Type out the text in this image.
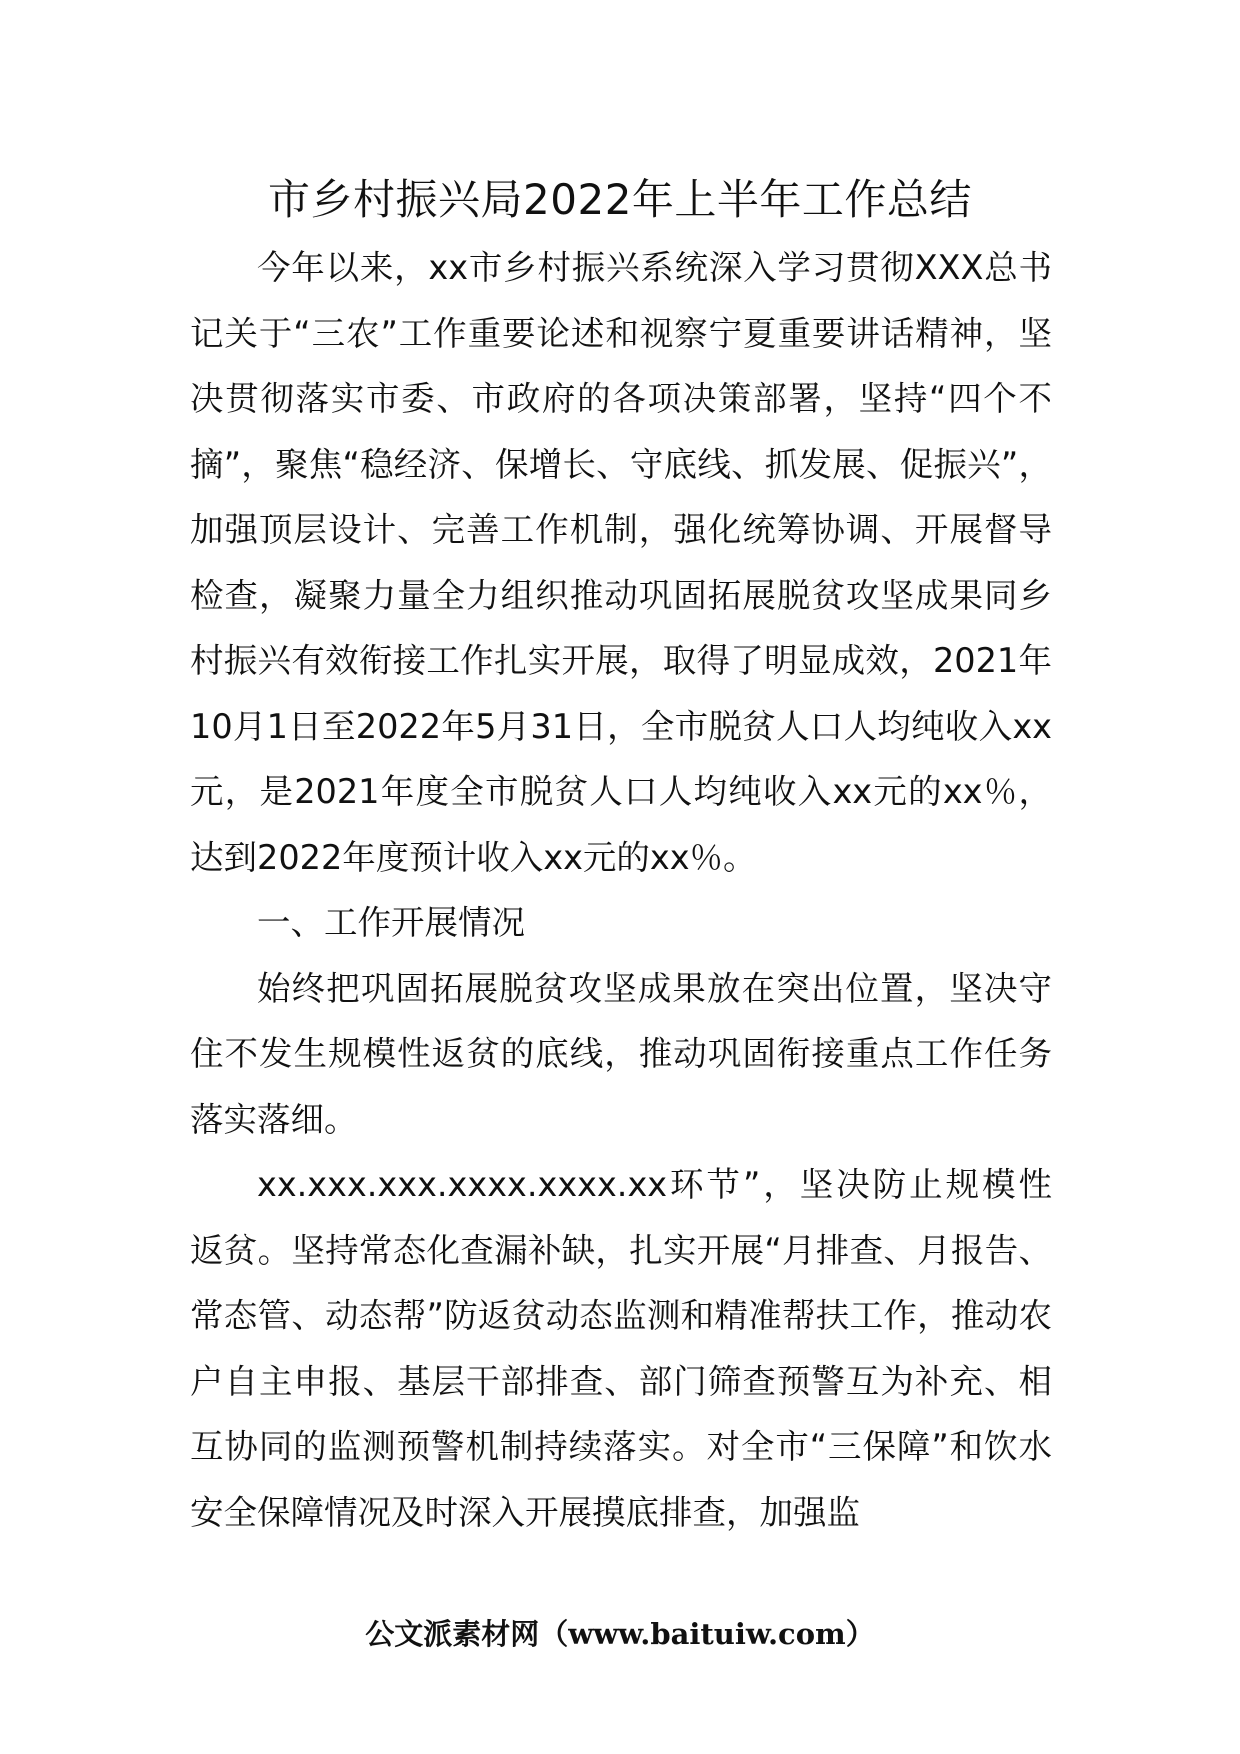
市乡村振兴局2022年上半年工作总结

今年以来，xx市乡村振兴系统深入学习贯彻XXX总书记关于“三农”工作重要论述和视察宁夏重要讲话精神，坚决贯彻落实市委、市政府的各项决策部署，坚持“四个不摘”，聚焦“稳经济、保增长、守底线、抓发展、促振兴”，加强顶层设计、完善工作机制，强化统筹协调、开展督导检查，凝聚力量全力组织推动巩固拓展脱贫攻坚成果同乡村振兴有效衔接工作扎实开展，取得了明显成效，2021年10月1日至2022年5月31日，全市脱贫人口人均纯收入xx元，是2021年度全市脱贫人口人均纯收入xx元的xx％，达到2022年度预计收入xx元的xx％。

一、工作开展情况

始终把巩固拓展脱贫攻坚成果放在突出位置，坚决守住不发生规模性返贫的底线，推动巩固衔接重点工作任务落实落细。

xx.xxx.xxx.xxxx.xxxx.xx环节”，坚决防止规模性返贫。坚持常态化查漏补缺，扎实开展“月排查、月报告、常态管、动态帮”防返贫动态监测和精准帮扶工作，推动农户自主申报、基层干部排查、部门筛查预警互为补充、相互协同的监测预警机制持续落实。对全市“三保障”和饮水安全保障情况及时深入开展摸底排查，加强监

公文派素材网（www.baituiw.com）
